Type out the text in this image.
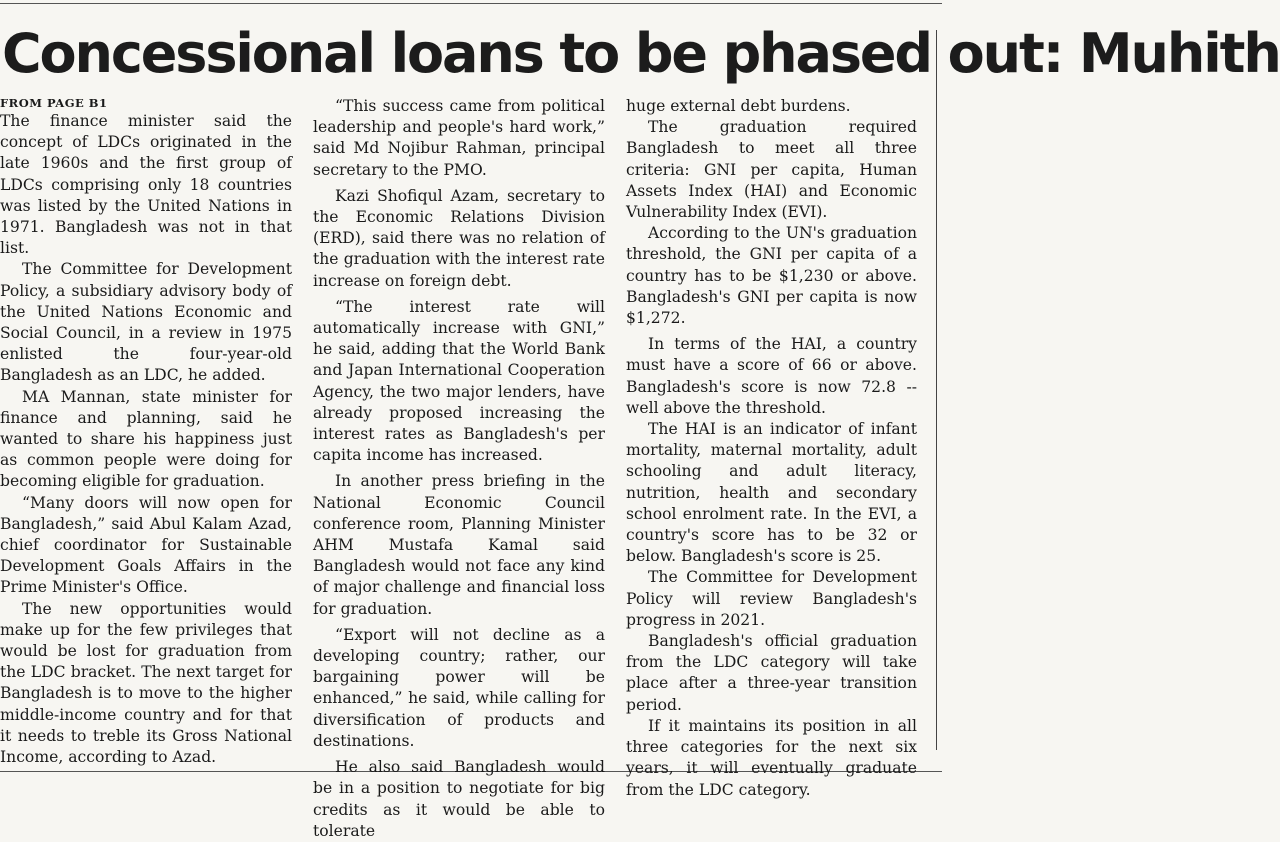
Concessional loans to be phased out: Muhith

FROM PAGE B1

The finance minister said the concept of LDCs originated in the late 1960s and the first group of LDCs comprising only 18 countries was listed by the United Nations in 1971. Bangladesh was not in that list.

The Committee for Development Policy, a subsidiary advisory body of the United Nations Economic and Social Council, in a review in 1975 enlisted the four-year-old Bangladesh as an LDC, he added.

MA Mannan, state minister for finance and planning, said he wanted to share his happiness just as common people were doing for becoming eligible for graduation.

“Many doors will now open for Bangladesh,” said Abul Kalam Azad, chief coordinator for Sustainable Development Goals Affairs in the Prime Minister's Office.

The new opportunities would make up for the few privileges that would be lost for graduation from the LDC bracket. The next target for Bangladesh is to move to the higher middle-income country and for that it needs to treble its Gross National Income, according to Azad.

“This success came from political leadership and people's hard work,” said Md Nojibur Rahman, principal secretary to the PMO.

Kazi Shofiqul Azam, secretary to the Economic Relations Division (ERD), said there was no relation of the graduation with the interest rate increase on foreign debt.

“The interest rate will automatically increase with GNI,” he said, adding that the World Bank and Japan International Cooperation Agency, the two major lenders, have already proposed increasing the interest rates as Bangladesh's per capita income has increased.

In another press briefing in the National Economic Council conference room, Planning Minister AHM Mustafa Kamal said Bangladesh would not face any kind of major challenge and financial loss for graduation.

“Export will not decline as a developing country; rather, our bargaining power will be enhanced,” he said, while calling for diversification of products and destinations.

He also said Bangladesh would be in a position to negotiate for big credits as it would be able to tolerate

huge external debt burdens.

The graduation required Bangladesh to meet all three criteria: GNI per capita, Human Assets Index (HAI) and Economic Vulnerability Index (EVI).

According to the UN's graduation threshold, the GNI per capita of a country has to be $1,230 or above. Bangladesh's GNI per capita is now $1,272.

In terms of the HAI, a country must have a score of 66 or above. Bangladesh's score is now 72.8 -- well above the threshold.

The HAI is an indicator of infant mortality, maternal mortality, adult schooling and adult literacy, nutrition, health and secondary school enrolment rate. In the EVI, a country's score has to be 32 or below. Bangladesh's score is 25.

The Committee for Development Policy will review Bangladesh's progress in 2021.

Bangladesh's official graduation from the LDC category will take place after a three-year transition period.

If it maintains its position in all three categories for the next six years, it will eventually graduate from the LDC category.
